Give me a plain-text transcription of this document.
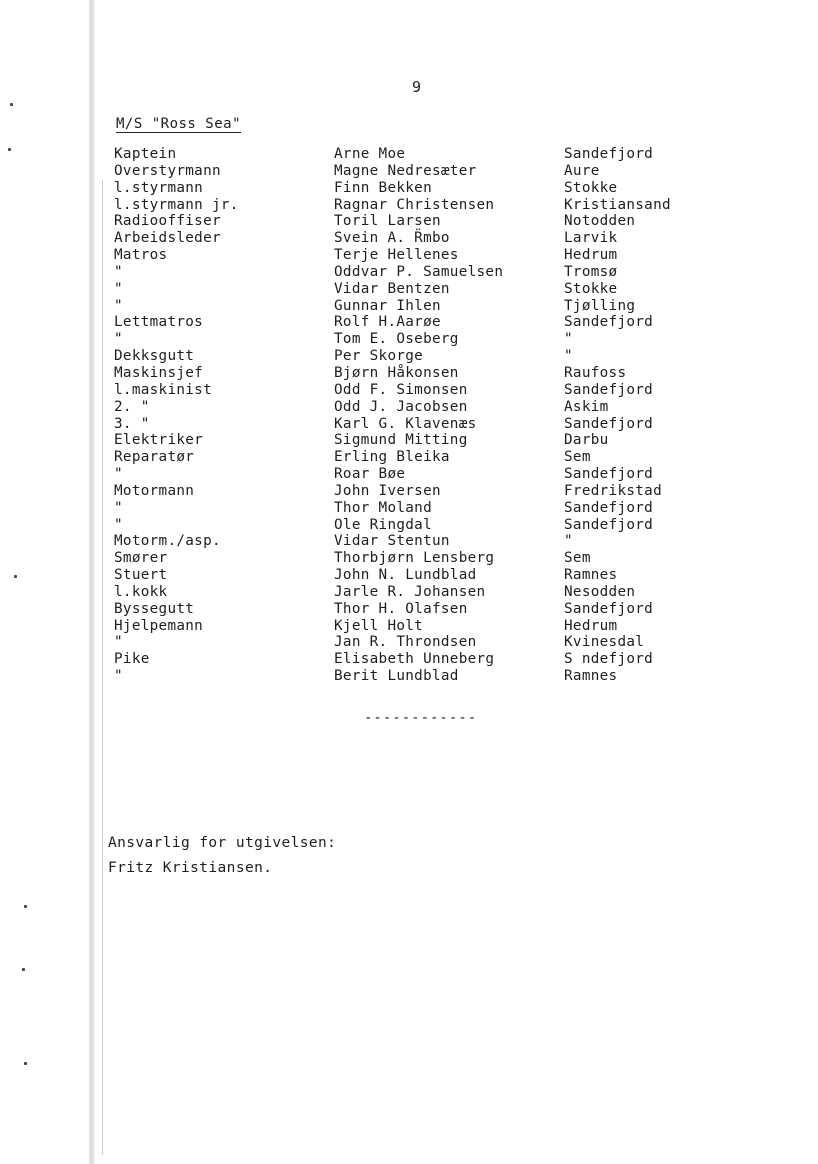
9
M/S "Ross Sea"
Kaptein	Arne Moe	Sandefjord
Overstyrmann	Magne Nedresæter	Aure
l.styrmann	Finn Bekken	Stokke
l.styrmann jr.	Ragnar Christensen	Kristiansand
Radiooffiser	Toril Larsen	Notodden
Arbeidsleder	Svein A. R̈mbo	Larvik
Matros	Terje Hellenes	Hedrum
"	Oddvar P. Samuelsen	Tromsø
"	Vidar Bentzen	Stokke
"	Gunnar Ihlen	Tjølling
Lettmatros	Rolf H.Aarøe	Sandefjord
"	Tom E. Oseberg	"
Dekksgutt	Per Skorge	"
Maskinsjef	Bjørn Håkonsen	Raufoss
l.maskinist	Odd F. Simonsen	Sandefjord
2. "	Odd J. Jacobsen	Askim
3. "	Karl G. Klavenæs	Sandefjord
Elektriker	Sigmund Mitting	Darbu
Reparatør	Erling Bleika	Sem
"	Roar Bøe	Sandefjord
Motormann	John Iversen	Fredrikstad
"	Thor Moland	Sandefjord
"	Ole Ringdal	Sandefjord
Motorm./asp.	Vidar Stentun	"
Smører	Thorbjørn Lensberg	Sem
Stuert	John N. Lundblad	Ramnes
l.kokk	Jarle R. Johansen	Nesodden
Byssegutt	Thor H. Olafsen	Sandefjord
Hjelpemann	Kjell Holt	Hedrum
"	Jan R. Throndsen	Kvinesdal
Pike	Elisabeth Unneberg	S ndefjord
"	Berit Lundblad	Ramnes
------------
Ansvarlig for utgivelsen:
Fritz Kristiansen.
